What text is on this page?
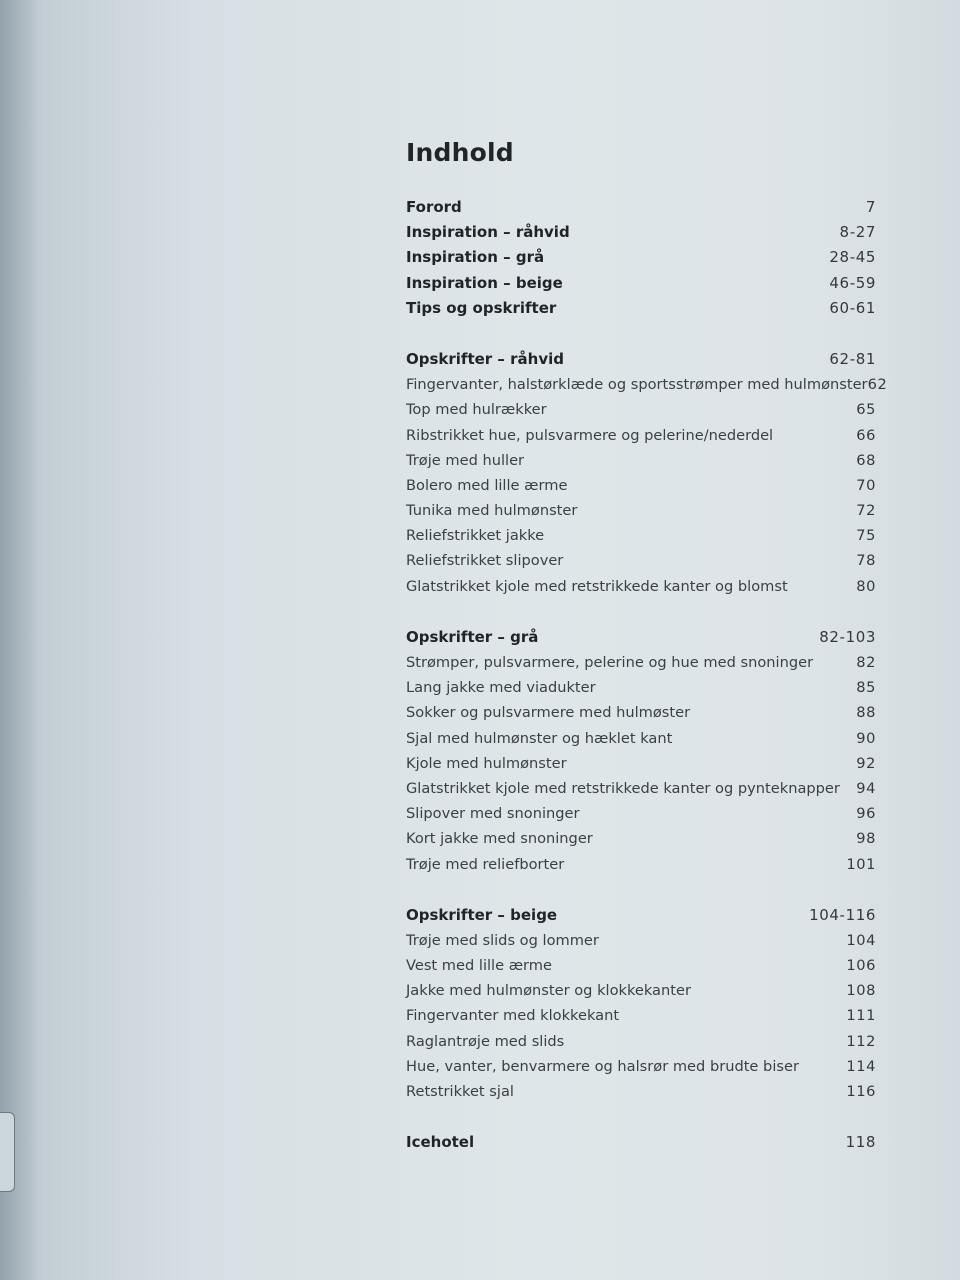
Indhold
Forord	7
Inspiration – råhvid	8-27
Inspiration – grå	28-45
Inspiration – beige	46-59
Tips og opskrifter	60-61
Opskrifter – råhvid	62-81
Fingervanter, halstørklæde og sportsstrømper med hulmønster 62
Top med hulrækker	65
Ribstrikket hue, pulsvarmere og pelerine/nederdel	66
Trøje med huller	68
Bolero med lille ærme	70
Tunika med hulmønster	72
Reliefstrikket jakke	75
Reliefstrikket slipover	78
Glatstrikket kjole med retstrikkede kanter og blomst	80
Opskrifter – grå	82-103
Strømper, pulsvarmere, pelerine og hue med snoninger	82
Lang jakke med viadukter	85
Sokker og pulsvarmere med hulmøster	88
Sjal med hulmønster og hæklet kant	90
Kjole med hulmønster	92
Glatstrikket kjole med retstrikkede kanter og pynteknapper 94
Slipover med snoninger	96
Kort jakke med snoninger	98
Trøje med reliefborter	101
Opskrifter – beige	104-116
Trøje med slids og lommer	104
Vest med lille ærme	106
Jakke med hulmønster og klokkekanter	108
Fingervanter med klokkekant	111
Raglantrøje med slids	112
Hue, vanter, benvarmere og halsrør med brudte biser	114
Retstrikket sjal	116
Icehotel	118
